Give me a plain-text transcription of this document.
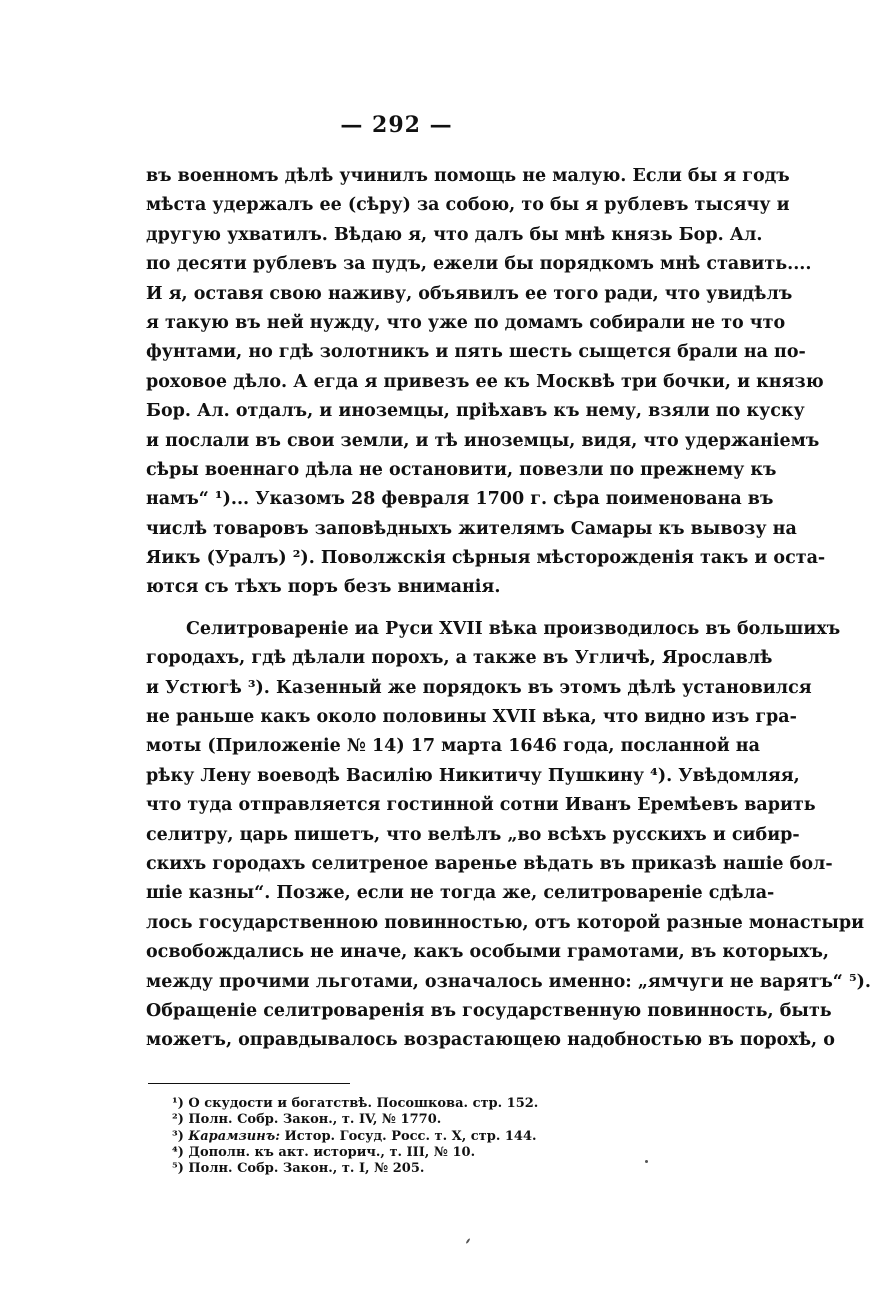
— 292 —
въ военномъ дѣлѣ учинилъ помощь не малую. Если бы я годъ
мѣста удержалъ ее (сѣру) за собою, то бы я рублевъ тысячу и
другую ухватилъ. Вѣдаю я, что далъ бы мнѣ князь Бор. Ал.
по десяти рублевъ за пудъ, ежели бы порядкомъ мнѣ ставить....
И я, оставя свою наживу, объявилъ ее того ради, что увидѣлъ
я такую въ ней нужду, что уже по домамъ собирали не то что
фунтами, но гдѣ золотникъ и пять шесть сыщется брали на по-
роховое дѣло. А егда я привезъ ее къ Москвѣ три бочки, и князю
Бор. Ал. отдалъ, и иноземцы, пріѣхавъ къ нему, взяли по куску
и послали въ свои земли, и тѣ иноземцы, видя, что удержаніемъ
сѣры военнаго дѣла не остановити, повезли по прежнему къ
намъ“ ¹)... Указомъ 28 февраля 1700 г. сѣра поименована въ
числѣ товаровъ заповѣдныхъ жителямъ Самары къ вывозу на
Яикъ (Уралъ) ²). Поволжскія сѣрныя мѣсторожденія такъ и оста-
ются съ тѣхъ поръ безъ вниманія.
Селитровареніе иа Руси XVII вѣка производилось въ большихъ
городахъ, гдѣ дѣлали порохъ, а также въ Угличѣ, Ярославлѣ
и Устюгѣ ³). Казенный же порядокъ въ этомъ дѣлѣ установился
не раньше какъ около половины XVII вѣка, что видно изъ гра-
моты (Приложеніе № 14) 17 марта 1646 года, посланной на
рѣку Лену воеводѣ Василію Никитичу Пушкину ⁴). Увѣдомляя,
что туда отправляется гостинной сотни Иванъ Еремѣевъ варить
селитру, царь пишетъ, что велѣлъ „во всѣхъ русскихъ и сибир-
скихъ городахъ селитреное варенье вѣдать въ приказѣ нашіе бол-
шіе казны“. Позже, если не тогда же, селитровареніе сдѣла-
лось государственною повинностью, отъ которой разные монастыри
освобождались не иначе, какъ особыми грамотами, въ которыхъ,
между прочими льготами, означалось именно: „ямчуги не варятъ“ ⁵).
Обращеніе селитроваренія въ государственную повинность, быть
можетъ, оправдывалось возрастающею надобностью въ порохѣ, о
¹) О скудости и богатствѣ. Посошкова. стр. 152.
²) Полн. Собр. Закон., т. IV, № 1770.
³) Карамзинъ: Истор. Госуд. Росс. т. X, стр. 144.
⁴) Дополн. къ акт. историч., т. III, № 10.
⁵) Полн. Собр. Закон., т. I, № 205.
